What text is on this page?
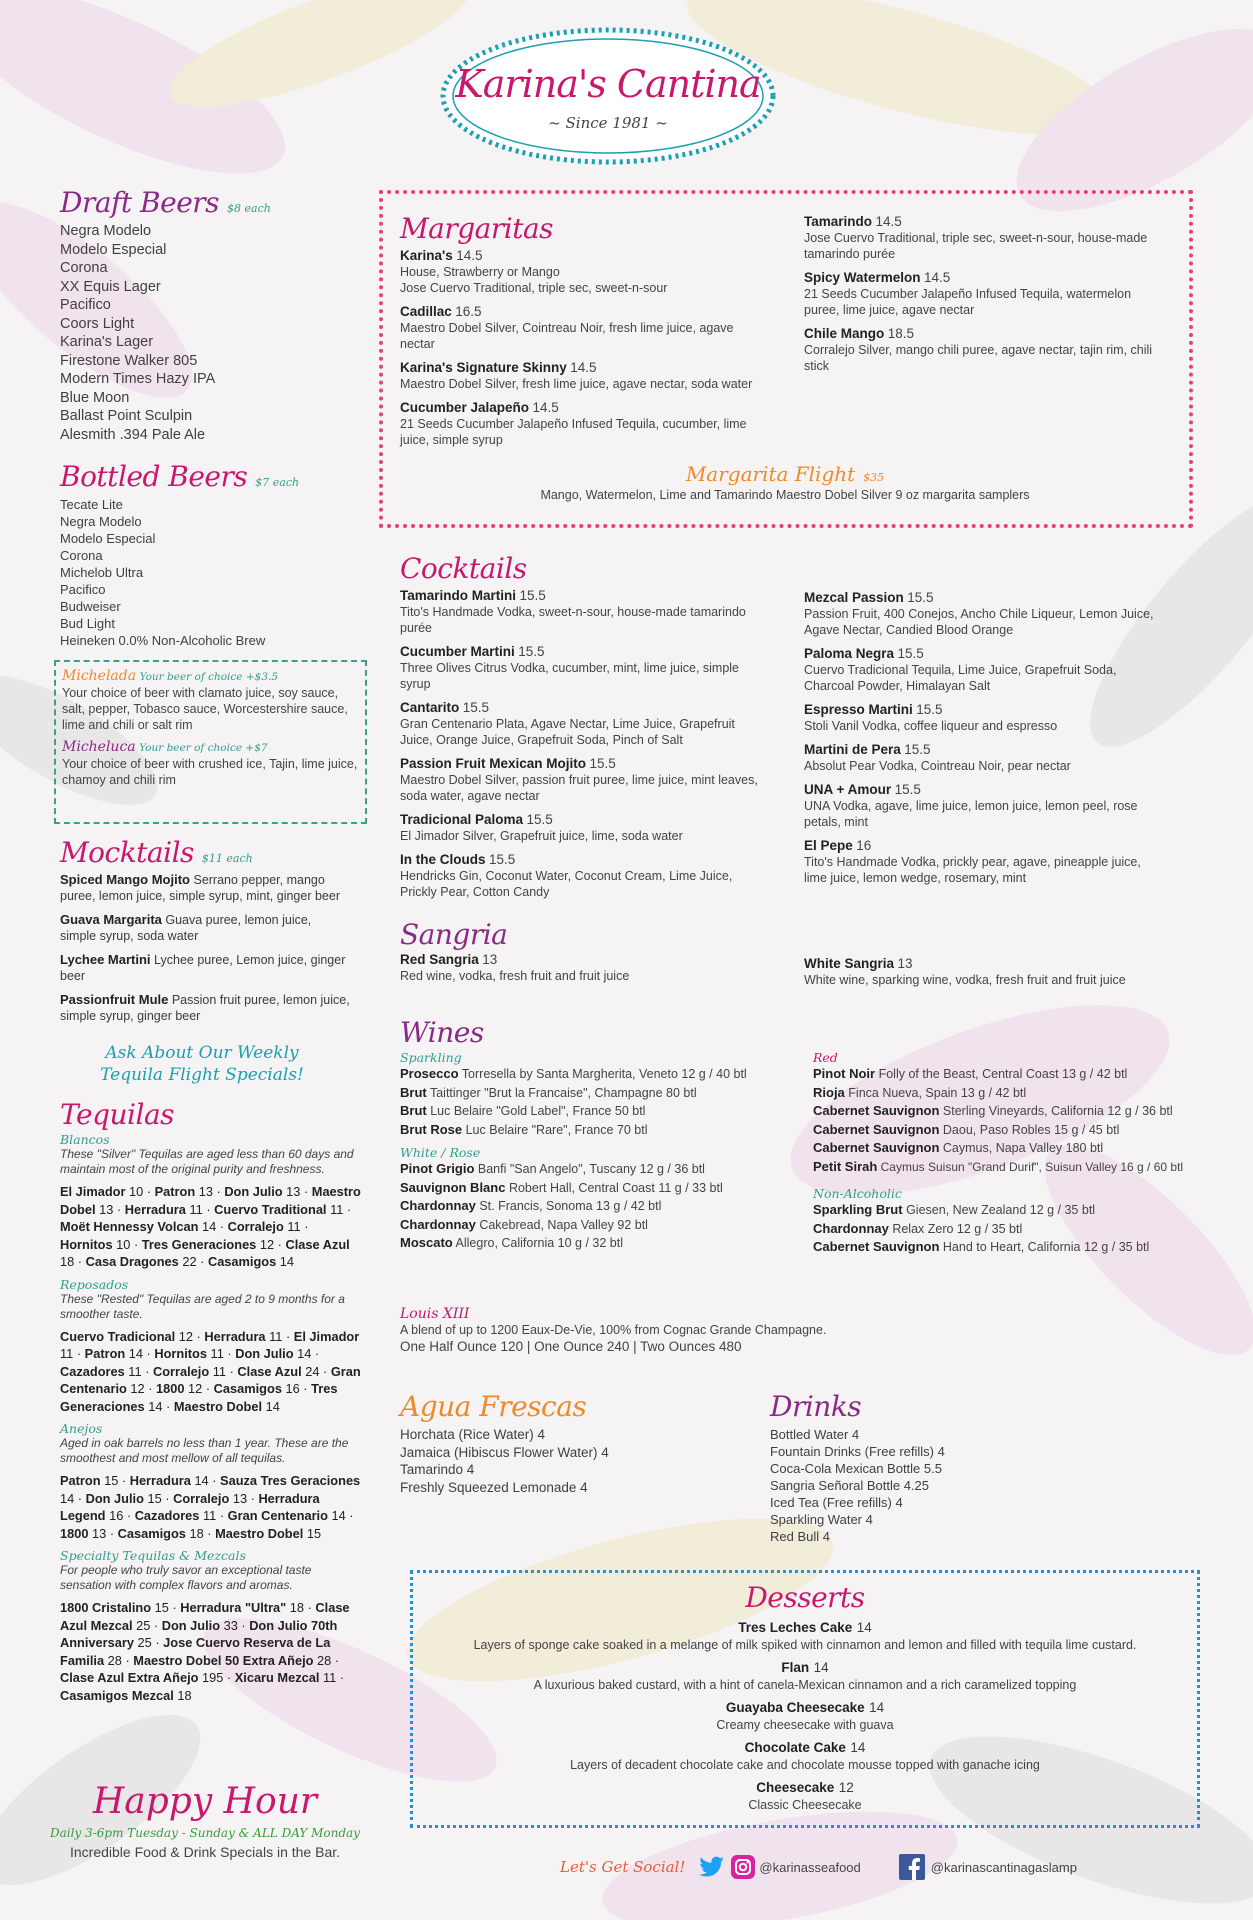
Karina's Cantina
~ Since 1981 ~
Draft Beers $8 each
Negra Modelo
Modelo Especial
Corona
XX Equis Lager
Pacifico
Coors Light
Karina's Lager
Firestone Walker 805
Modern Times Hazy IPA
Blue Moon
Ballast Point Sculpin
Alesmith .394 Pale Ale
Bottled Beers $7 each
Tecate Lite
Negra Modelo
Modelo Especial
Corona
Michelob Ultra
Pacifico
Budweiser
Bud Light
Heineken 0.0% Non-Alcoholic Brew
Michelada Your beer of choice +$3.5
Your choice of beer with clamato juice, soy sauce, salt, pepper, Tobasco sauce, Worcestershire sauce, lime and chili or salt rim
Micheluca Your beer of choice +$7
Your choice of beer with crushed ice, Tajin, lime juice, chamoy and chili rim
Mocktails $11 each
Spiced Mango Mojito Serrano pepper, mango puree, lemon juice, simple syrup, mint, ginger beer
Guava Margarita Guava puree, lemon juice, simple syrup, soda water
Lychee Martini Lychee puree, Lemon juice, ginger beer
Passionfruit Mule Passion fruit puree, lemon juice, simple syrup, ginger beer
Ask About Our Weekly Tequila Flight Specials!
Tequilas
Blancos
These "Silver" Tequilas are aged less than 60 days and maintain most of the original purity and freshness.
El Jimador 10 · Patron 13 · Don Julio 13 · Maestro Dobel 13 · Herradura 11 · Cuervo Traditional 11 · Moët Hennessy Volcan 14 · Corralejo 11 · Hornitos 10 · Tres Generaciones 12 · Clase Azul 18 · Casa Dragones 22 · Casamigos 14
Reposados
These "Rested" Tequilas are aged 2 to 9 months for a smoother taste.
Cuervo Tradicional 12 · Herradura 11 · El Jimador 11 · Patron 14 · Hornitos 11 · Don Julio 14 · Cazadores 11 · Corralejo 11 · Clase Azul 24 · Gran Centenario 12 · 1800 12 · Casamigos 16 · Tres Generaciones 14 · Maestro Dobel 14
Anejos
Aged in oak barrels no less than 1 year. These are the smoothest and most mellow of all tequilas.
Patron 15 · Herradura 14 · Sauza Tres Geraciones 14 · Don Julio 15 · Corralejo 13 · Herradura Legend 16 · Cazadores 11 · Gran Centenario 14 · 1800 13 · Casamigos 18 · Maestro Dobel 15
Specialty Tequilas & Mezcals
For people who truly savor an exceptional taste sensation with complex flavors and aromas.
1800 Cristalino 15 · Herradura "Ultra" 18 · Clase Azul Mezcal 25 · Don Julio 33 · Don Julio 70th Anniversary 25 · Jose Cuervo Reserva de La Familia 28 · Maestro Dobel 50 Extra Añejo 28 · Clase Azul Extra Añejo 195 · Xicaru Mezcal 11 · Casamigos Mezcal 18
Happy Hour
Daily 3-6pm Tuesday - Sunday & ALL DAY Monday
Incredible Food & Drink Specials in the Bar.
Margaritas
Karina's 14.5
House, Strawberry or Mango
Jose Cuervo Traditional, triple sec, sweet-n-sour
Cadillac 16.5
Maestro Dobel Silver, Cointreau Noir, fresh lime juice, agave nectar
Karina's Signature Skinny 14.5
Maestro Dobel Silver, fresh lime juice, agave nectar, soda water
Cucumber Jalapeño 14.5
21 Seeds Cucumber Jalapeño Infused Tequila, cucumber, lime juice, simple syrup
Tamarindo 14.5
Jose Cuervo Traditional, triple sec, sweet-n-sour, house-made tamarindo purée
Spicy Watermelon 14.5
21 Seeds Cucumber Jalapeño Infused Tequila, watermelon puree, lime juice, agave nectar
Chile Mango 18.5
Corralejo Silver, mango chili puree, agave nectar, tajin rim, chili stick
Margarita Flight $35
Mango, Watermelon, Lime and Tamarindo Maestro Dobel Silver 9 oz margarita samplers
Cocktails
Tamarindo Martini 15.5
Tito's Handmade Vodka, sweet-n-sour, house-made tamarindo purée
Cucumber Martini 15.5
Three Olives Citrus Vodka, cucumber, mint, lime juice, simple syrup
Cantarito 15.5
Gran Centenario Plata, Agave Nectar, Lime Juice, Grapefruit Juice, Orange Juice, Grapefruit Soda, Pinch of Salt
Passion Fruit Mexican Mojito 15.5
Maestro Dobel Silver, passion fruit puree, lime juice, mint leaves, soda water, agave nectar
Tradicional Paloma 15.5
El Jimador Silver, Grapefruit juice, lime, soda water
In the Clouds 15.5
Hendricks Gin, Coconut Water, Coconut Cream, Lime Juice, Prickly Pear, Cotton Candy
Mezcal Passion 15.5
Passion Fruit, 400 Conejos, Ancho Chile Liqueur, Lemon Juice, Agave Nectar, Candied Blood Orange
Paloma Negra 15.5
Cuervo Tradicional Tequila, Lime Juice, Grapefruit Soda, Charcoal Powder, Himalayan Salt
Espresso Martini 15.5
Stoli Vanil Vodka, coffee liqueur and espresso
Martini de Pera 15.5
Absolut Pear Vodka, Cointreau Noir, pear nectar
UNA + Amour 15.5
UNA Vodka, agave, lime juice, lemon juice, lemon peel, rose petals, mint
El Pepe 16
Tito's Handmade Vodka, prickly pear, agave, pineapple juice, lime juice, lemon wedge, rosemary, mint
Sangria
Red Sangria 13
Red wine, vodka, fresh fruit and fruit juice
White Sangria 13
White wine, sparking wine, vodka, fresh fruit and fruit juice
Wines
Sparkling
Prosecco Torresella by Santa Margherita, Veneto 12 g / 40 btl
Brut Taittinger "Brut la Francaise", Champagne 80 btl
Brut Luc Belaire "Gold Label", France 50 btl
Brut Rose Luc Belaire "Rare", France 70 btl
White / Rose
Pinot Grigio Banfi "San Angelo", Tuscany 12 g / 36 btl
Sauvignon Blanc Robert Hall, Central Coast 11 g / 33 btl
Chardonnay St. Francis, Sonoma 13 g / 42 btl
Chardonnay Cakebread, Napa Valley 92 btl
Moscato Allegro, California 10 g / 32 btl
Red
Pinot Noir Folly of the Beast, Central Coast 13 g / 42 btl
Rioja Finca Nueva, Spain 13 g / 42 btl
Cabernet Sauvignon Sterling Vineyards, California 12 g / 36 btl
Cabernet Sauvignon Daou, Paso Robles 15 g / 45 btl
Cabernet Sauvignon Caymus, Napa Valley 180 btl
Petit Sirah Caymus Suisun "Grand Durif", Suisun Valley 16 g / 60 btl
Non-Alcoholic
Sparkling Brut Giesen, New Zealand 12 g / 35 btl
Chardonnay Relax Zero 12 g / 35 btl
Cabernet Sauvignon Hand to Heart, California 12 g / 35 btl
Louis XIII
A blend of up to 1200 Eaux-De-Vie, 100% from Cognac Grande Champagne.
One Half Ounce 120 | One Ounce 240 | Two Ounces 480
Agua Frescas
Horchata (Rice Water) 4
Jamaica (Hibiscus Flower Water) 4
Tamarindo 4
Freshly Squeezed Lemonade 4
Drinks
Bottled Water 4
Fountain Drinks (Free refills) 4
Coca-Cola Mexican Bottle 5.5
Sangria Señoral Bottle 4.25
Iced Tea (Free refills) 4
Sparkling Water 4
Red Bull 4
Desserts
Tres Leches Cake 14
Layers of sponge cake soaked in a melange of milk spiked with cinnamon and lemon and filled with tequila lime custard.
Flan 14
A luxurious baked custard, with a hint of canela-Mexican cinnamon and a rich caramelized topping
Guayaba Cheesecake 14
Creamy cheesecake with guava
Chocolate Cake 14
Layers of decadent chocolate cake and chocolate mousse topped with ganache icing
Cheesecake 12
Classic Cheesecake
Let's Get Social!	@karinasseafood	@karinascantinagaslamp
